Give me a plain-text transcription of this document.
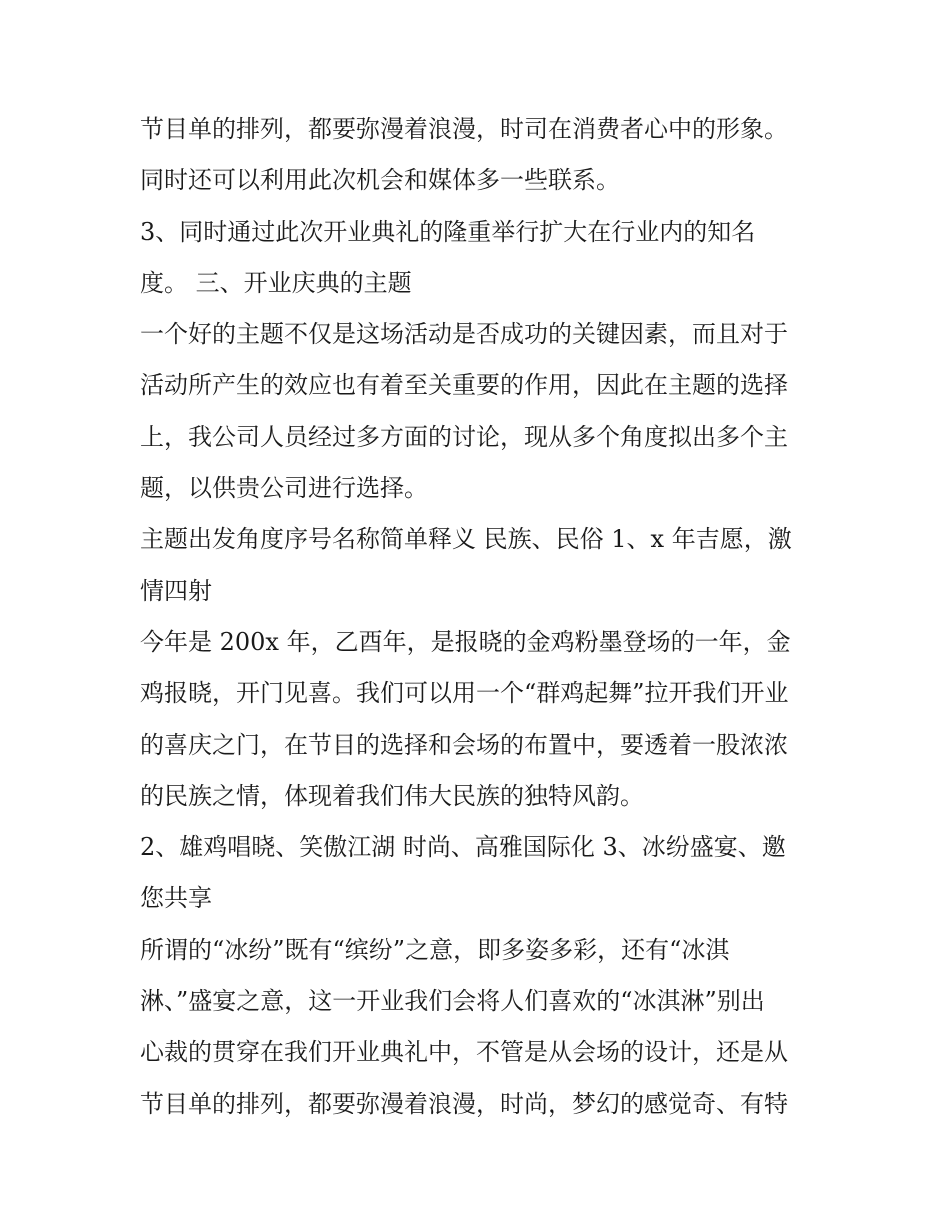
节目单的排列，都要弥漫着浪漫，时司在消费者心中的形象。
同时还可以利用此次机会和媒体多一些联系。
3、同时通过此次开业典礼的隆重举行扩大在行业内的知名
度。 三、开业庆典的主题
一个好的主题不仅是这场活动是否成功的关键因素，而且对于
活动所产生的效应也有着至关重要的作用，因此在主题的选择
上，我公司人员经过多方面的讨论，现从多个角度拟出多个主
题，以供贵公司进行选择。
主题出发角度序号名称简单释义 民族、民俗 1、x 年吉愿，激
情四射
今年是 200x 年，乙酉年，是报晓的金鸡粉墨登场的一年，金
鸡报晓，开门见喜。我们可以用一个“群鸡起舞”拉开我们开业
的喜庆之门，在节目的选择和会场的布置中，要透着一股浓浓
的民族之情，体现着我们伟大民族的独特风韵。
2、雄鸡唱晓、笑傲江湖 时尚、高雅国际化 3、冰纷盛宴、邀
您共享
所谓的“冰纷”既有“缤纷”之意，即多姿多彩，还有“冰淇
淋、”盛宴之意，这一开业我们会将人们喜欢的“冰淇淋”别出
心裁的贯穿在我们开业典礼中，不管是从会场的设计，还是从
节目单的排列，都要弥漫着浪漫，时尚，梦幻的感觉奇、有特
